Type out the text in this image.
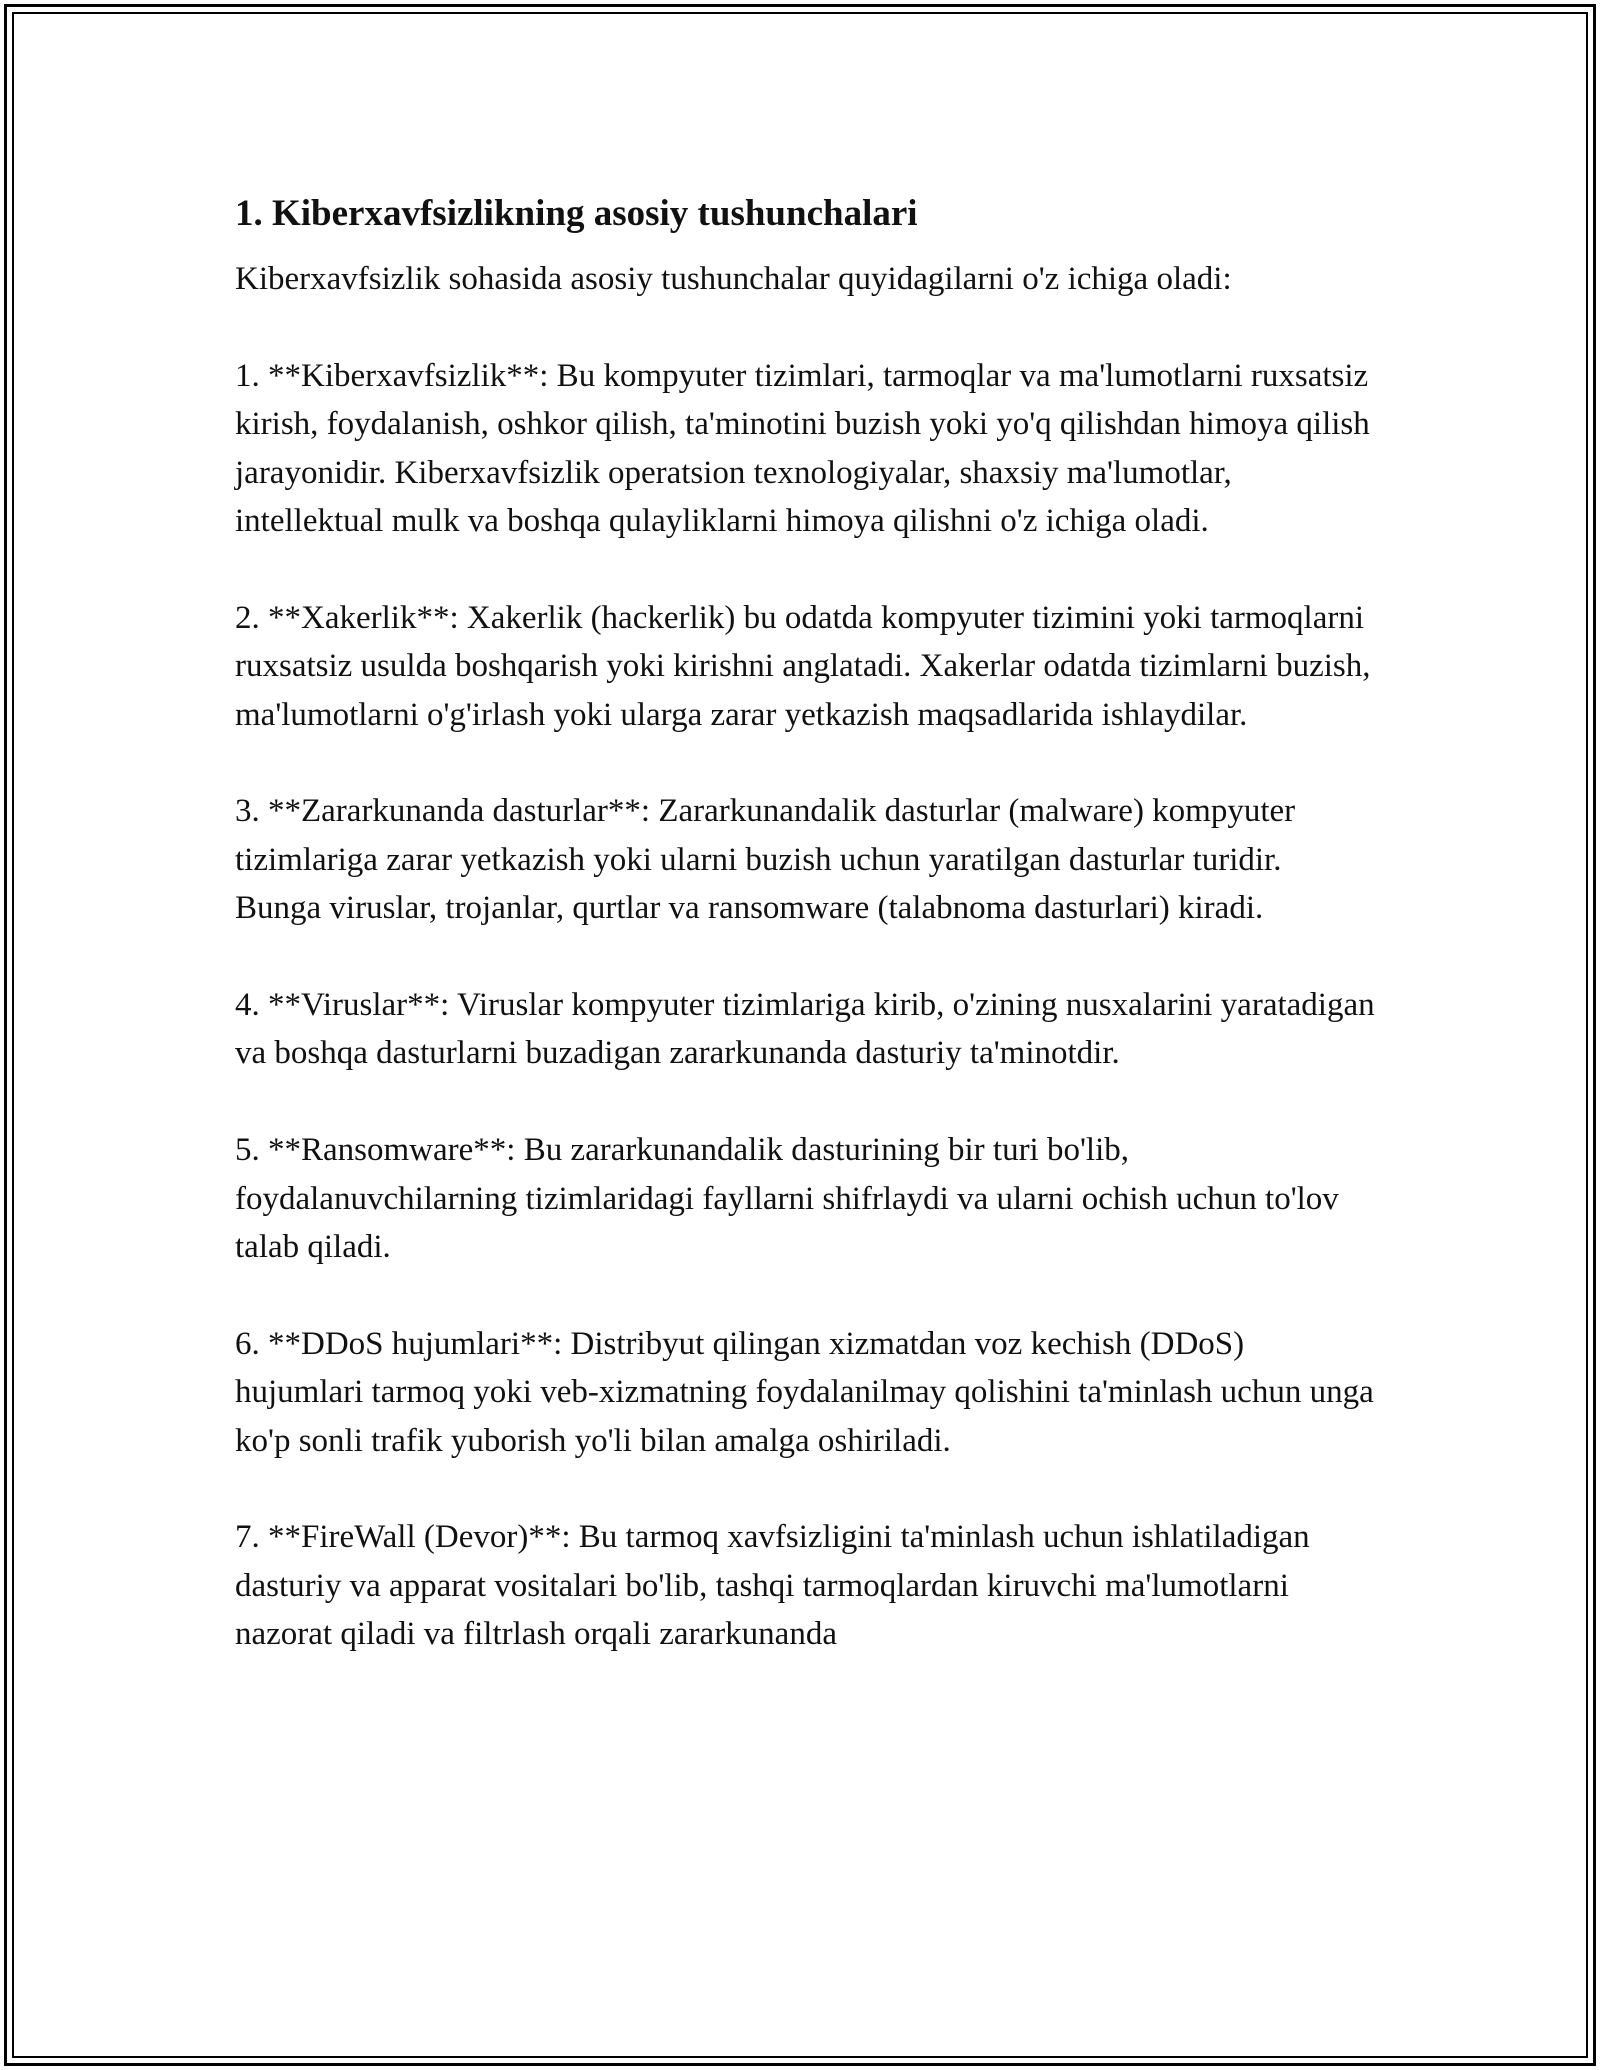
1. Kiberxavfsizlikning asosiy tushunchalari

Kiberxavfsizlik sohasida asosiy tushunchalar quyidagilarni o'z ichiga oladi:

1. **Kiberxavfsizlik**: Bu kompyuter tizimlari, tarmoqlar va ma'lumotlarni ruxsatsiz kirish, foydalanish, oshkor qilish, ta'minotini buzish yoki yo'q qilishdan himoya qilish jarayonidir. Kiberxavfsizlik operatsion texnologiyalar, shaxsiy ma'lumotlar, intellektual mulk va boshqa qulayliklarni himoya qilishni o'z ichiga oladi.

2. **Xakerlik**: Xakerlik (hackerlik) bu odatda kompyuter tizimini yoki tarmoqlarni ruxsatsiz usulda boshqarish yoki kirishni anglatadi. Xakerlar odatda tizimlarni buzish, ma'lumotlarni o'g'irlash yoki ularga zarar yetkazish maqsadlarida ishlaydilar.

3. **Zararkunanda dasturlar**: Zararkunandalik dasturlar (malware) kompyuter tizimlariga zarar yetkazish yoki ularni buzish uchun yaratilgan dasturlar turidir. Bunga viruslar, trojanlar, qurtlar va ransomware (talabnoma dasturlari) kiradi.

4. **Viruslar**: Viruslar kompyuter tizimlariga kirib, o'zining nusxalarini yaratadigan va boshqa dasturlarni buzadigan zararkunanda dasturiy ta'minotdir.

5. **Ransomware**: Bu zararkunandalik dasturining bir turi bo'lib, foydalanuvchilarning tizimlaridagi fayllarni shifrlaydi va ularni ochish uchun to'lov talab qiladi.

6. **DDoS hujumlari**: Distribyut qilingan xizmatdan voz kechish (DDoS) hujumlari tarmoq yoki veb-xizmatning foydalanilmay qolishini ta'minlash uchun unga ko'p sonli trafik yuborish yo'li bilan amalga oshiriladi.

7. **FireWall (Devor)**: Bu tarmoq xavfsizligini ta'minlash uchun ishlatiladigan dasturiy va apparat vositalari bo'lib, tashqi tarmoqlardan kiruvchi ma'lumotlarni nazorat qiladi va filtrlash orqali zararkunanda
